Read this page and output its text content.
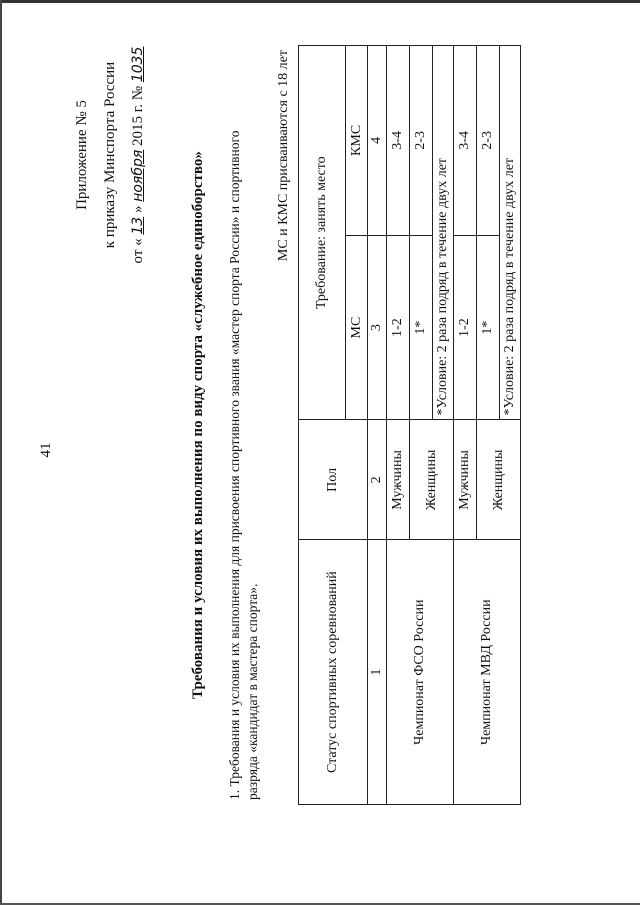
41
Приложение № 5 к приказу Минспорта России
от « 13 » ноября 2015 г. № 1035
Требования и условия их выполнения по виду спорта «служебное единоборство» 1. Требования и условия их выполнения для присвоения спортивного звания «мастер спорта России» и спортивного разряда «кандидат в мастера спорта».
МС и КМС присваиваются с 18 лет
Статус спортивных соревнований	Пол	Требование: занять место	
		МС	КМС
1	2	3	4
Чемпионат ФСО России	Мужчины	1-2	3-4
	Женщины	1*	2-3
		*Условие: 2 раза подряд в течение двух лет	
Чемпионат МВД России	Мужчины	1-2	3-4
	Женщины	1*	2-3
		*Условие: 2 раза подряд в течение двух лет	
